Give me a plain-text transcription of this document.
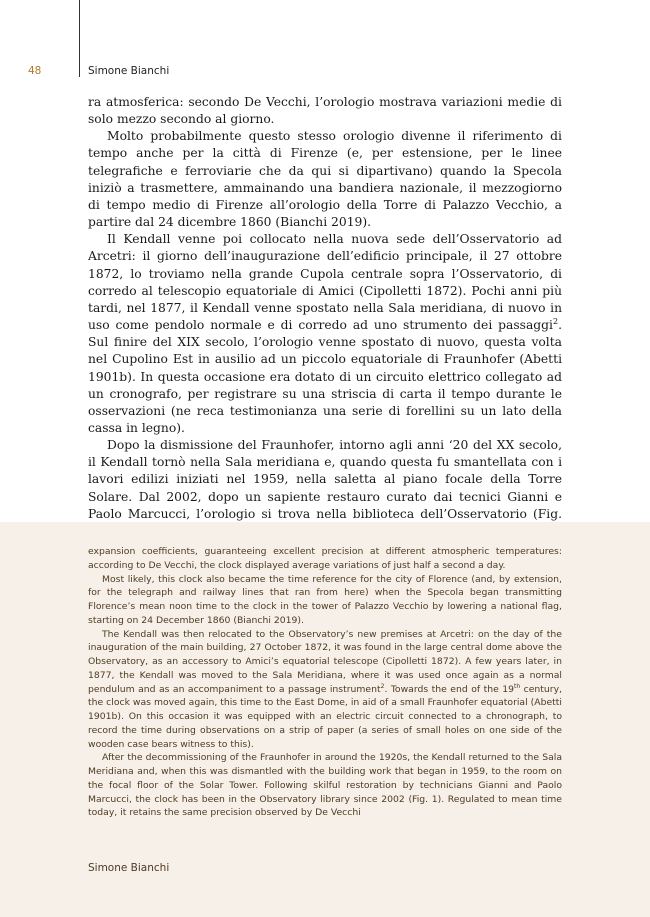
48	Simone Bianchi

ra atmosferica: secondo De Vecchi, l’orologio mostrava variazioni medie di solo mezzo secondo al giorno.

Molto probabilmente questo stesso orologio divenne il riferimento di tempo anche per la città di Firenze (e, per estensione, per le linee telegrafiche e ferroviarie che da qui si dipartivano) quando la Specola iniziò a trasmettere, ammainando una bandiera nazionale, il mezzogiorno di tempo medio di Firenze all’orologio della Torre di Palazzo Vecchio, a partire dal 24 dicembre 1860 (Bianchi 2019).

Il Kendall venne poi collocato nella nuova sede dell’Osservatorio ad Arcetri: il giorno dell’inaugurazione dell’edificio principale, il 27 ottobre 1872, lo troviamo nella grande Cupola centrale sopra l’Osservatorio, di corredo al telescopio equatoriale di Amici (Cipolletti 1872). Pochi anni più tardi, nel 1877, il Kendall venne spostato nella Sala meridiana, di nuovo in uso come pendolo normale e di corredo ad uno strumento dei passaggi$^2$. Sul finire del XIX secolo, l’orologio venne spostato di nuovo, questa volta nel Cupolino Est in ausilio ad un piccolo equatoriale di Fraunhofer (Abetti 1901b). In questa occasione era dotato di un circuito elettrico collegato ad un cronografo, per registrare su una striscia di carta il tempo durante le osservazioni (ne reca testimonianza una serie di forellini su un lato della cassa in legno).

Dopo la dismissione del Fraunhofer, intorno agli anni ‘20 del XX secolo, il Kendall tornò nella Sala meridiana e, quando questa fu smantellata con i lavori edilizi iniziati nel 1959, nella saletta al piano focale della Torre Solare. Dal 2002, dopo un sapiente restauro curato dai tecnici Gianni e Paolo Marcucci, l’orologio si trova nella biblioteca dell’Osservatorio (Fig.

expansion coefficients, guaranteeing excellent precision at different atmospheric temperatures: according to De Vecchi, the clock displayed average variations of just half a second a day.

Most likely, this clock also became the time reference for the city of Florence (and, by extension, for the telegraph and railway lines that ran from here) when the Specola began transmitting Florence’s mean noon time to the clock in the tower of Palazzo Vecchio by lowering a national flag, starting on 24 December 1860 (Bianchi 2019).

The Kendall was then relocated to the Observatory’s new premises at Arcetri: on the day of the inauguration of the main building, 27 October 1872, it was found in the large central dome above the Observatory, as an accessory to Amici’s equatorial telescope (Cipolletti 1872). A few years later, in 1877, the Kendall was moved to the Sala Meridiana, where it was used once again as a normal pendulum and as an accompaniment to a passage instrument$^2$. Towards the end of the 19th century, the clock was moved again, this time to the East Dome, in aid of a small Fraunhofer equatorial (Abetti 1901b). On this occasion it was equipped with an electric circuit connected to a chronograph, to record the time during observations on a strip of paper (a series of small holes on one side of the wooden case bears witness to this).

After the decommissioning of the Fraunhofer in around the 1920s, the Kendall returned to the Sala Meridiana and, when this was dismantled with the building work that began in 1959, to the room on the focal floor of the Solar Tower. Following skilful restoration by technicians Gianni and Paolo Marcucci, the clock has been in the Observatory library since 2002 (Fig. 1). Regulated to mean time today, it retains the same precision observed by De Vecchi

Simone Bianchi
